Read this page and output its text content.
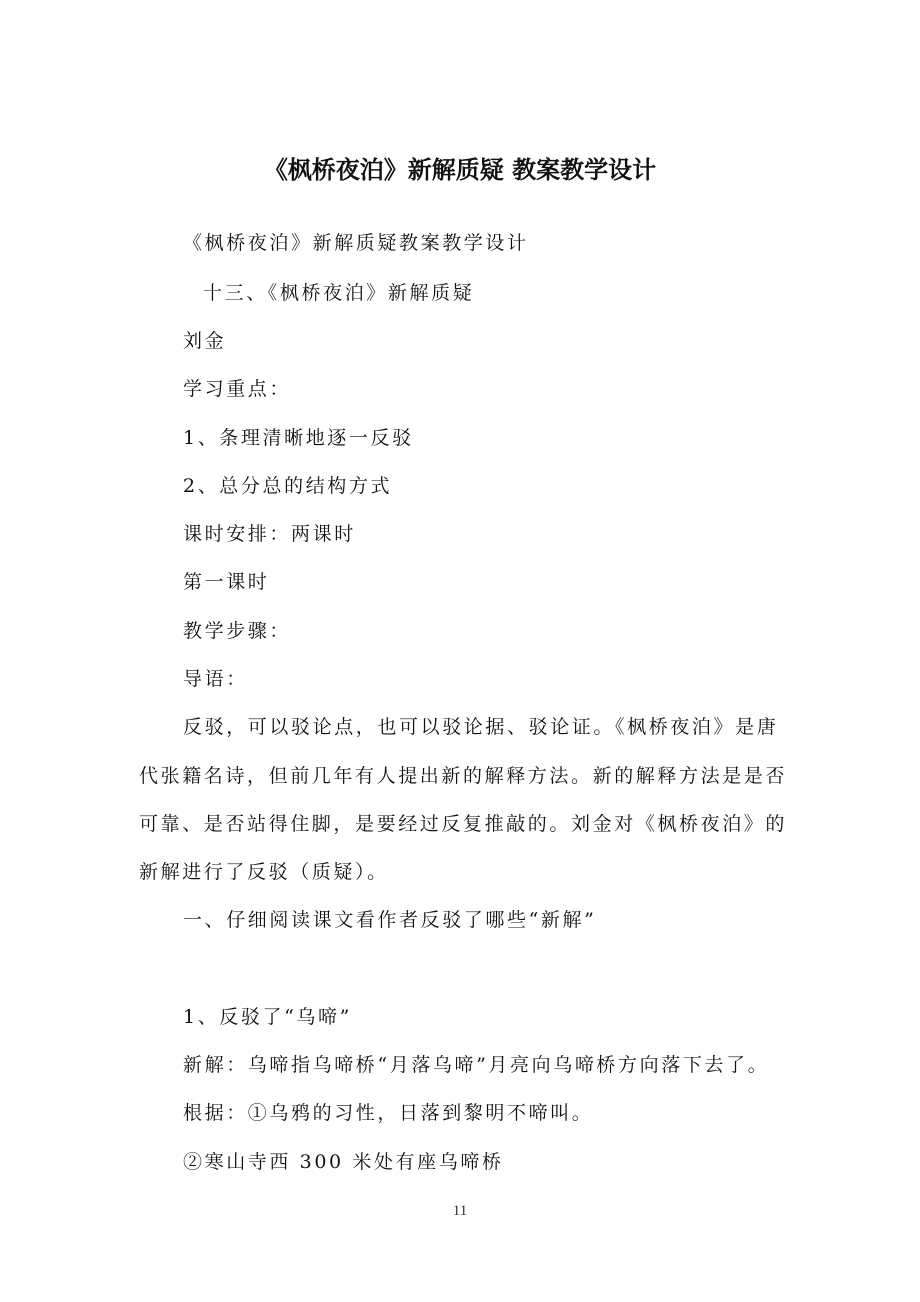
《枫桥夜泊》新解质疑 教案教学设计

《枫桥夜泊》新解质疑教案教学设计

十三、《枫桥夜泊》新解质疑

刘金

学习重点：

1、条理清晰地逐一反驳

2、总分总的结构方式

课时安排：两课时

第一课时

教学步骤：

导语：

反驳，可以驳论点，也可以驳论据、驳论证。《枫桥夜泊》是唐

代张籍名诗，但前几年有人提出新的解释方法。新的解释方法是是否

可靠、是否站得住脚，是要经过反复推敲的。刘金对《枫桥夜泊》的

新解进行了反驳（质疑）。

一、仔细阅读课文看作者反驳了哪些“新解”

1、反驳了“乌啼”

新解：乌啼指乌啼桥“月落乌啼”月亮向乌啼桥方向落下去了。

根据：①乌鸦的习性，日落到黎明不啼叫。

②寒山寺西 300 米处有座乌啼桥

11
